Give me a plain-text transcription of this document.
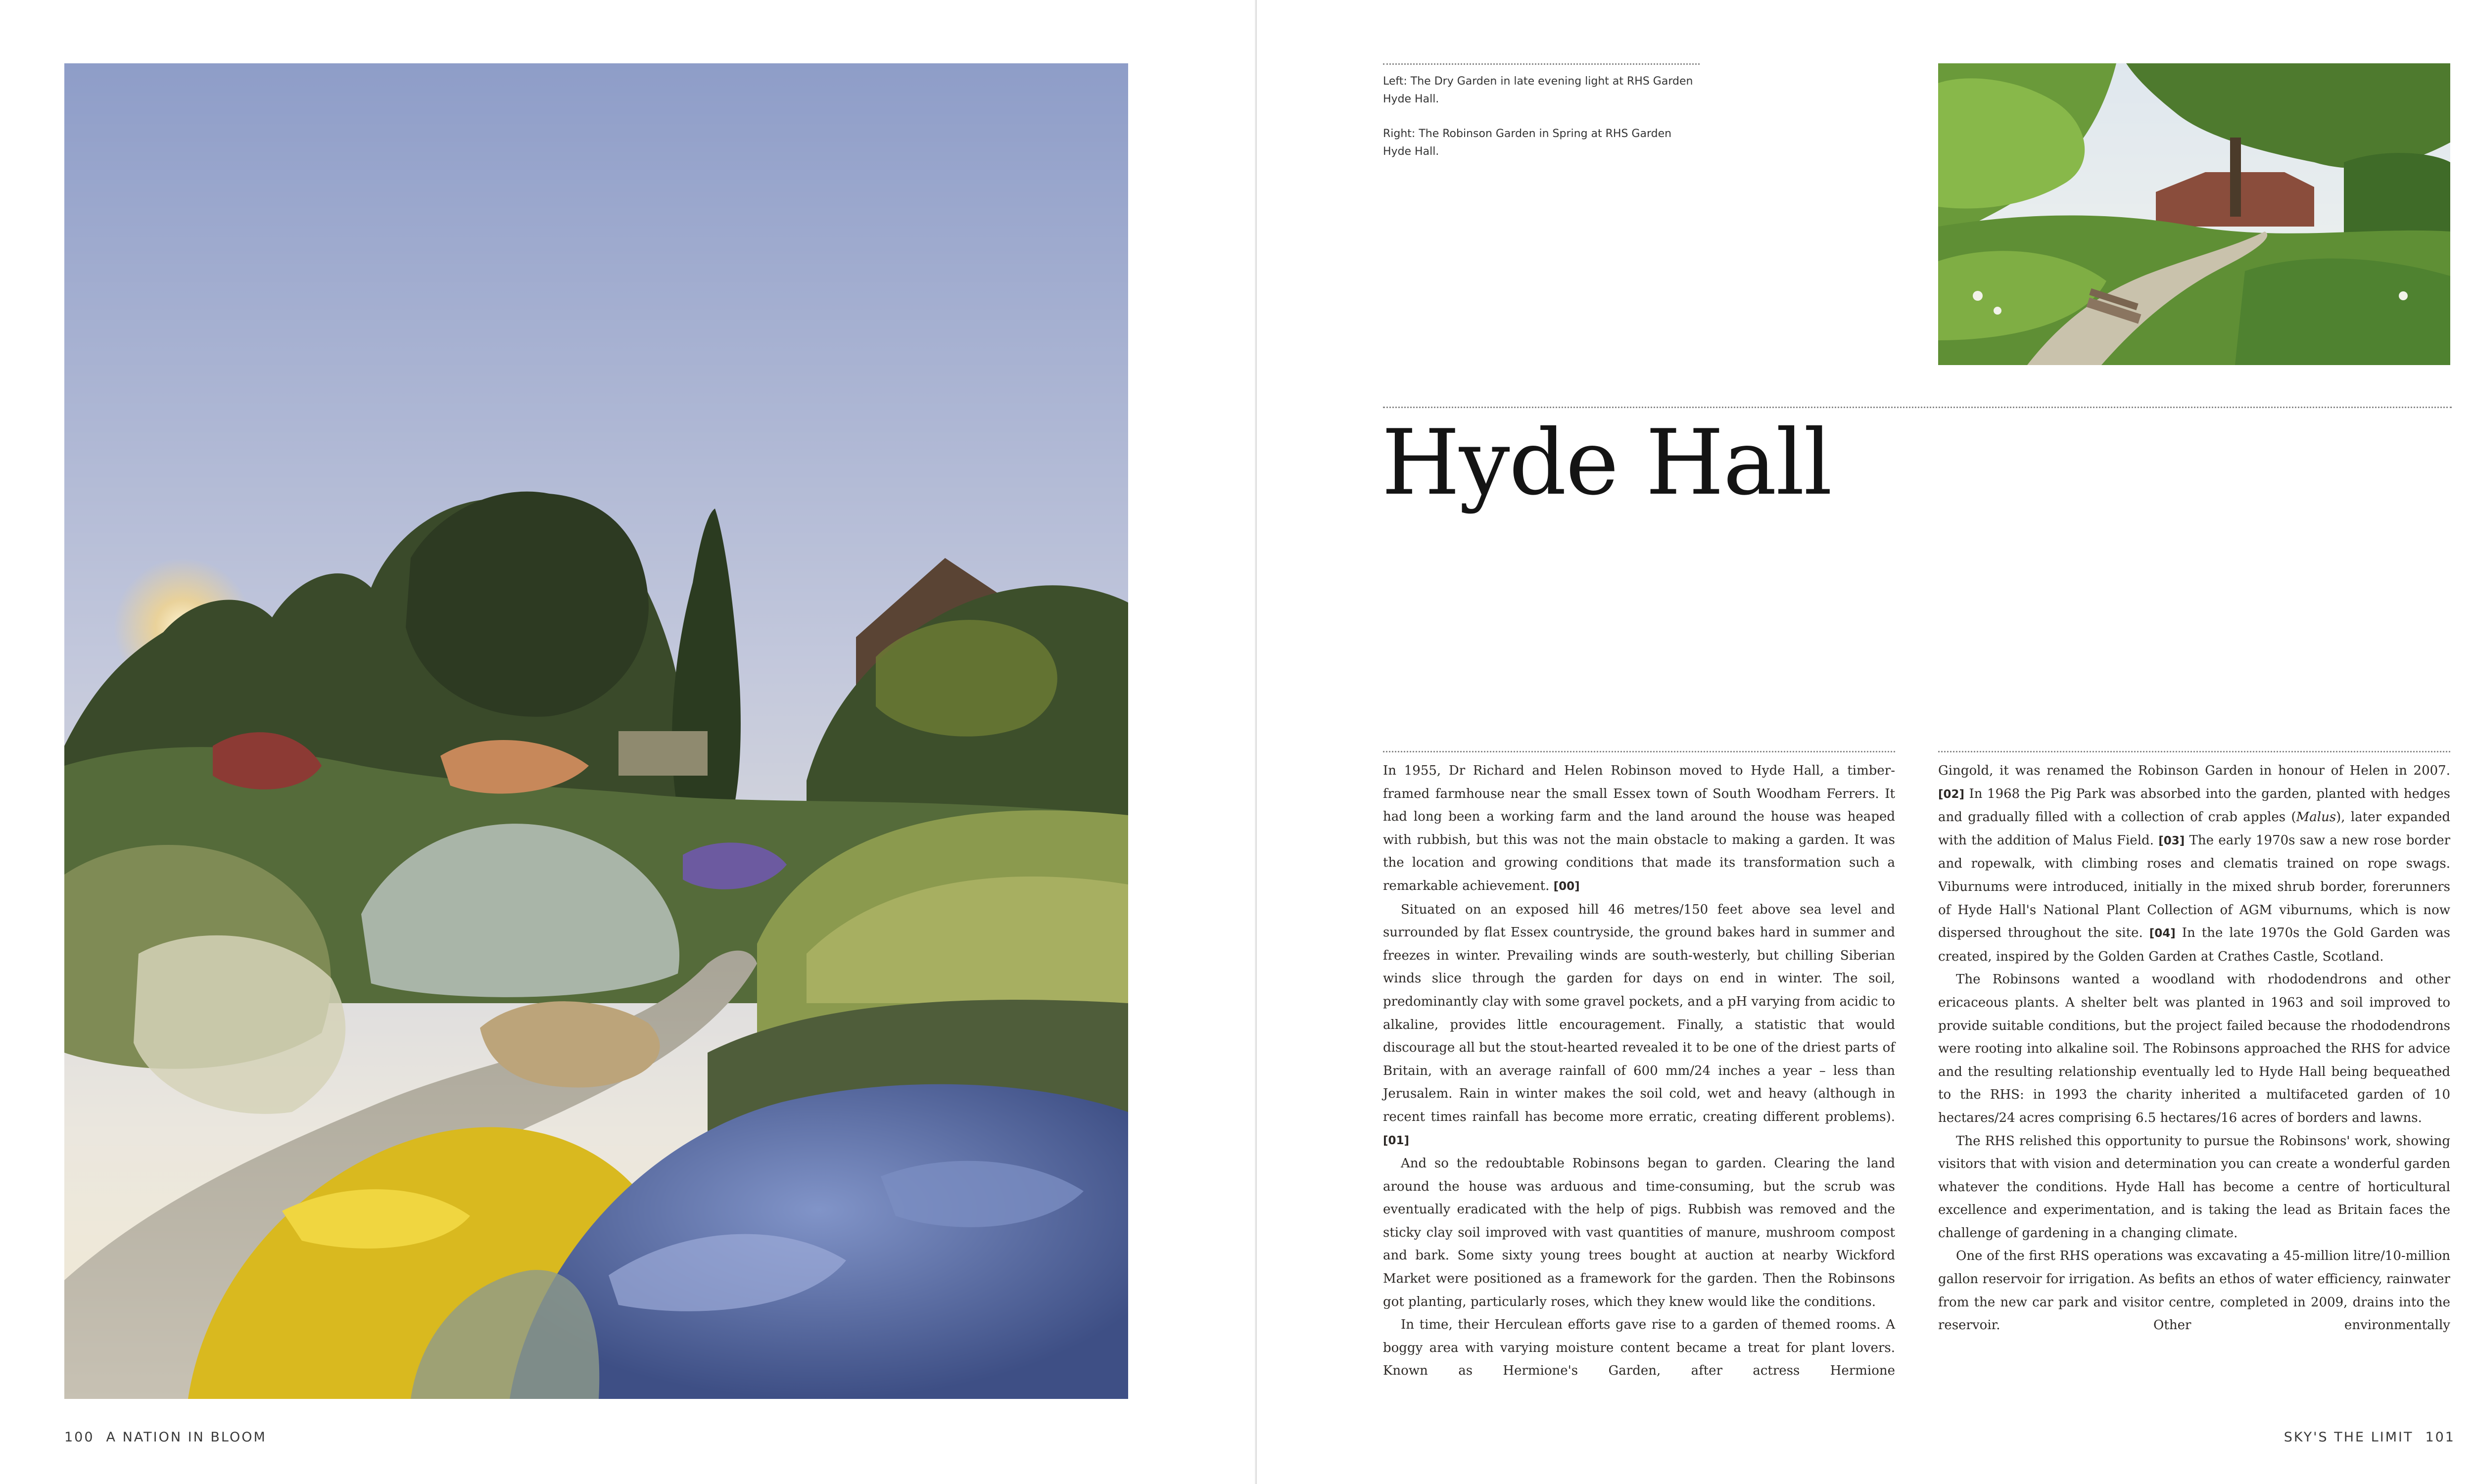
100 A NATION IN BLOOM

Left: The Dry Garden in late evening light at RHS Garden Hyde Hall.

Right: The Robinson Garden in Spring at RHS Garden Hyde Hall.

Hyde Hall

In 1955, Dr Richard and Helen Robinson moved to Hyde Hall, a timber-framed farmhouse near the small Essex town of South Woodham Ferrers. It had long been a working farm and the land around the house was heaped with rubbish, but this was not the main obstacle to making a garden. It was the location and growing conditions that made its transformation such a remarkable achievement. [00]

Situated on an exposed hill 46 metres/150 feet above sea level and surrounded by flat Essex countryside, the ground bakes hard in summer and freezes in winter. Prevailing winds are south-westerly, but chilling Siberian winds slice through the garden for days on end in winter. The soil, predominantly clay with some gravel pockets, and a pH varying from acidic to alkaline, provides little encouragement. Finally, a statistic that would discourage all but the stout-hearted revealed it to be one of the driest parts of Britain, with an average rainfall of 600 mm/24 inches a year – less than Jerusalem. Rain in winter makes the soil cold, wet and heavy (although in recent times rainfall has become more erratic, creating different problems). [01]

And so the redoubtable Robinsons began to garden. Clearing the land around the house was arduous and time-consuming, but the scrub was eventually eradicated with the help of pigs. Rubbish was removed and the sticky clay soil improved with vast quantities of manure, mushroom compost and bark. Some sixty young trees bought at auction at nearby Wickford Market were positioned as a framework for the garden. Then the Robinsons got planting, particularly roses, which they knew would like the conditions.

In time, their Herculean efforts gave rise to a garden of themed rooms. A boggy area with varying moisture content became a treat for plant lovers. Known as Hermione's Garden, after actress Hermione

Gingold, it was renamed the Robinson Garden in honour of Helen in 2007. [02] In 1968 the Pig Park was absorbed into the garden, planted with hedges and gradually filled with a collection of crab apples (Malus), later expanded with the addition of Malus Field. [03] The early 1970s saw a new rose border and ropewalk, with climbing roses and clematis trained on rope swags. Viburnums were introduced, initially in the mixed shrub border, forerunners of Hyde Hall's National Plant Collection of AGM viburnums, which is now dispersed throughout the site. [04] In the late 1970s the Gold Garden was created, inspired by the Golden Garden at Crathes Castle, Scotland.

The Robinsons wanted a woodland with rhododendrons and other ericaceous plants. A shelter belt was planted in 1963 and soil improved to provide suitable conditions, but the project failed because the rhododendrons were rooting into alkaline soil. The Robinsons approached the RHS for advice and the resulting relationship eventually led to Hyde Hall being bequeathed to the RHS: in 1993 the charity inherited a multifaceted garden of 10 hectares/24 acres comprising 6.5 hectares/16 acres of borders and lawns.

The RHS relished this opportunity to pursue the Robinsons' work, showing visitors that with vision and determination you can create a wonderful garden whatever the conditions. Hyde Hall has become a centre of horticultural excellence and experimentation, and is taking the lead as Britain faces the challenge of gardening in a changing climate.

One of the first RHS operations was excavating a 45-million litre/10-million gallon reservoir for irrigation. As befits an ethos of water efficiency, rainwater from the new car park and visitor centre, completed in 2009, drains into the reservoir. Other environmentally

SKY'S THE LIMIT 101
